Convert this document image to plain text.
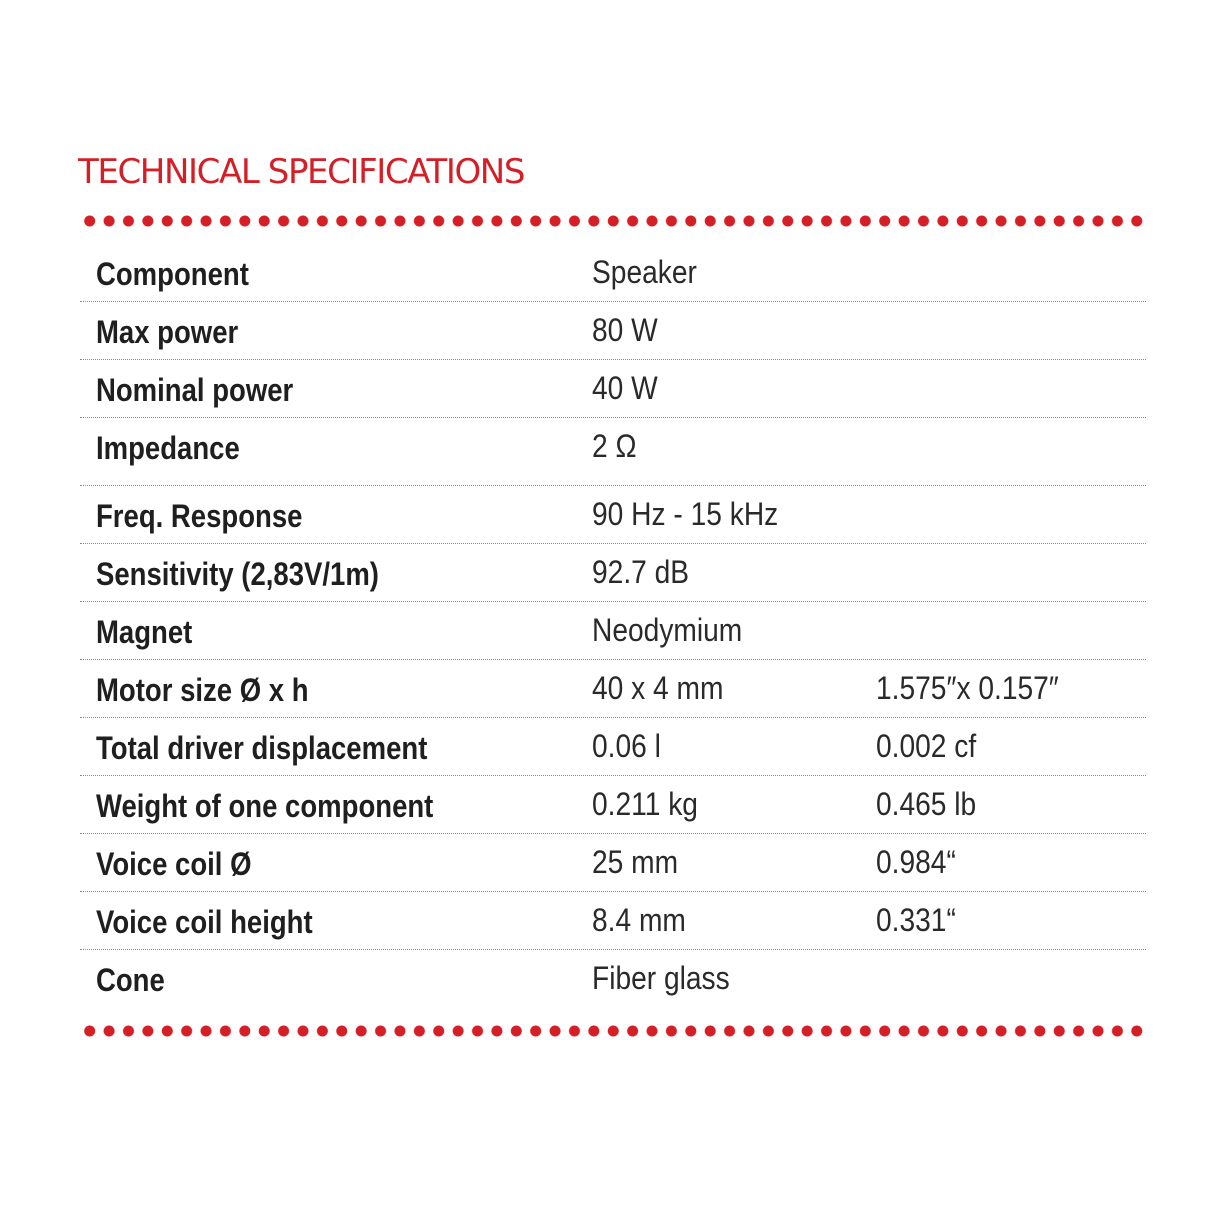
TECHNICAL SPECIFICATIONS
Component	Speaker
Max power	80 W
Nominal power	40 W
Impedance	2 Ω
Freq. Response	90 Hz - 15 kHz
Sensitivity (2,83V/1m)	92.7 dB
Magnet	Neodymium
Motor size Ø x h	40 x 4 mm	1.575″x 0.157″
Total driver displacement	0.06 l	0.002 cf
Weight of one component	0.211 kg	0.465 lb
Voice coil Ø	25 mm	0.984“
Voice coil height	8.4 mm	0.331“
Cone	Fiber glass
